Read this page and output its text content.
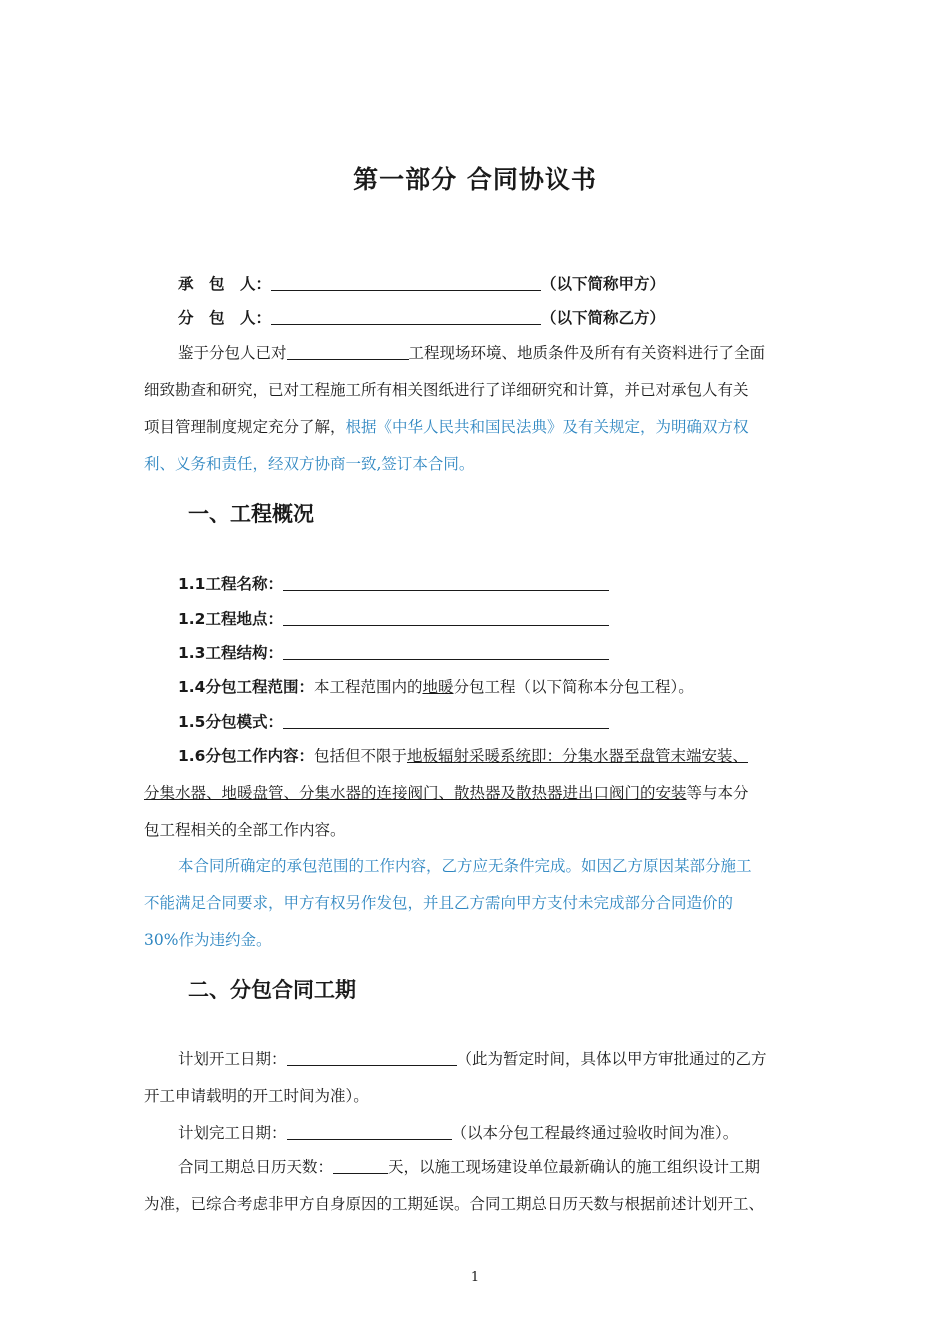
第一部分 合同协议书
承　包　人：	（以下简称甲方）
分　包　人：	（以下简称乙方）
鉴于分包人已对	工程现场环境、地质条件及所有有关资料进行了全面
细致勘查和研究，已对工程施工所有相关图纸进行了详细研究和计算，并已对承包人有关
项目管理制度规定充分了解，根据《中华人民共和国民法典》及有关规定，为明确双方权
利、义务和责任，经双方协商一致,签订本合同。
一、工程概况
1.1工程名称：
1.2工程地点：
1.3工程结构：
1.4分包工程范围：本工程范围内的地暖分包工程（以下简称本分包工程）。
1.5分包模式：
1.6分包工作内容：包括但不限于地板辐射采暖系统即：分集水器至盘管末端安装、
分集水器、地暖盘管、分集水器的连接阀门、散热器及散热器进出口阀门的安装等与本分
包工程相关的全部工作内容。
本合同所确定的承包范围的工作内容，乙方应无条件完成。如因乙方原因某部分施工
不能满足合同要求，甲方有权另作发包，并且乙方需向甲方支付未完成部分合同造价的
30%作为违约金。
二、分包合同工期
计划开工日期：	（此为暂定时间，具体以甲方审批通过的乙方
开工申请载明的开工时间为准）。
计划完工日期：	（以本分包工程最终通过验收时间为准）。
合同工期总日历天数：	天，以施工现场建设单位最新确认的施工组织设计工期
为准，已综合考虑非甲方自身原因的工期延误。合同工期总日历天数与根据前述计划开工、
1
